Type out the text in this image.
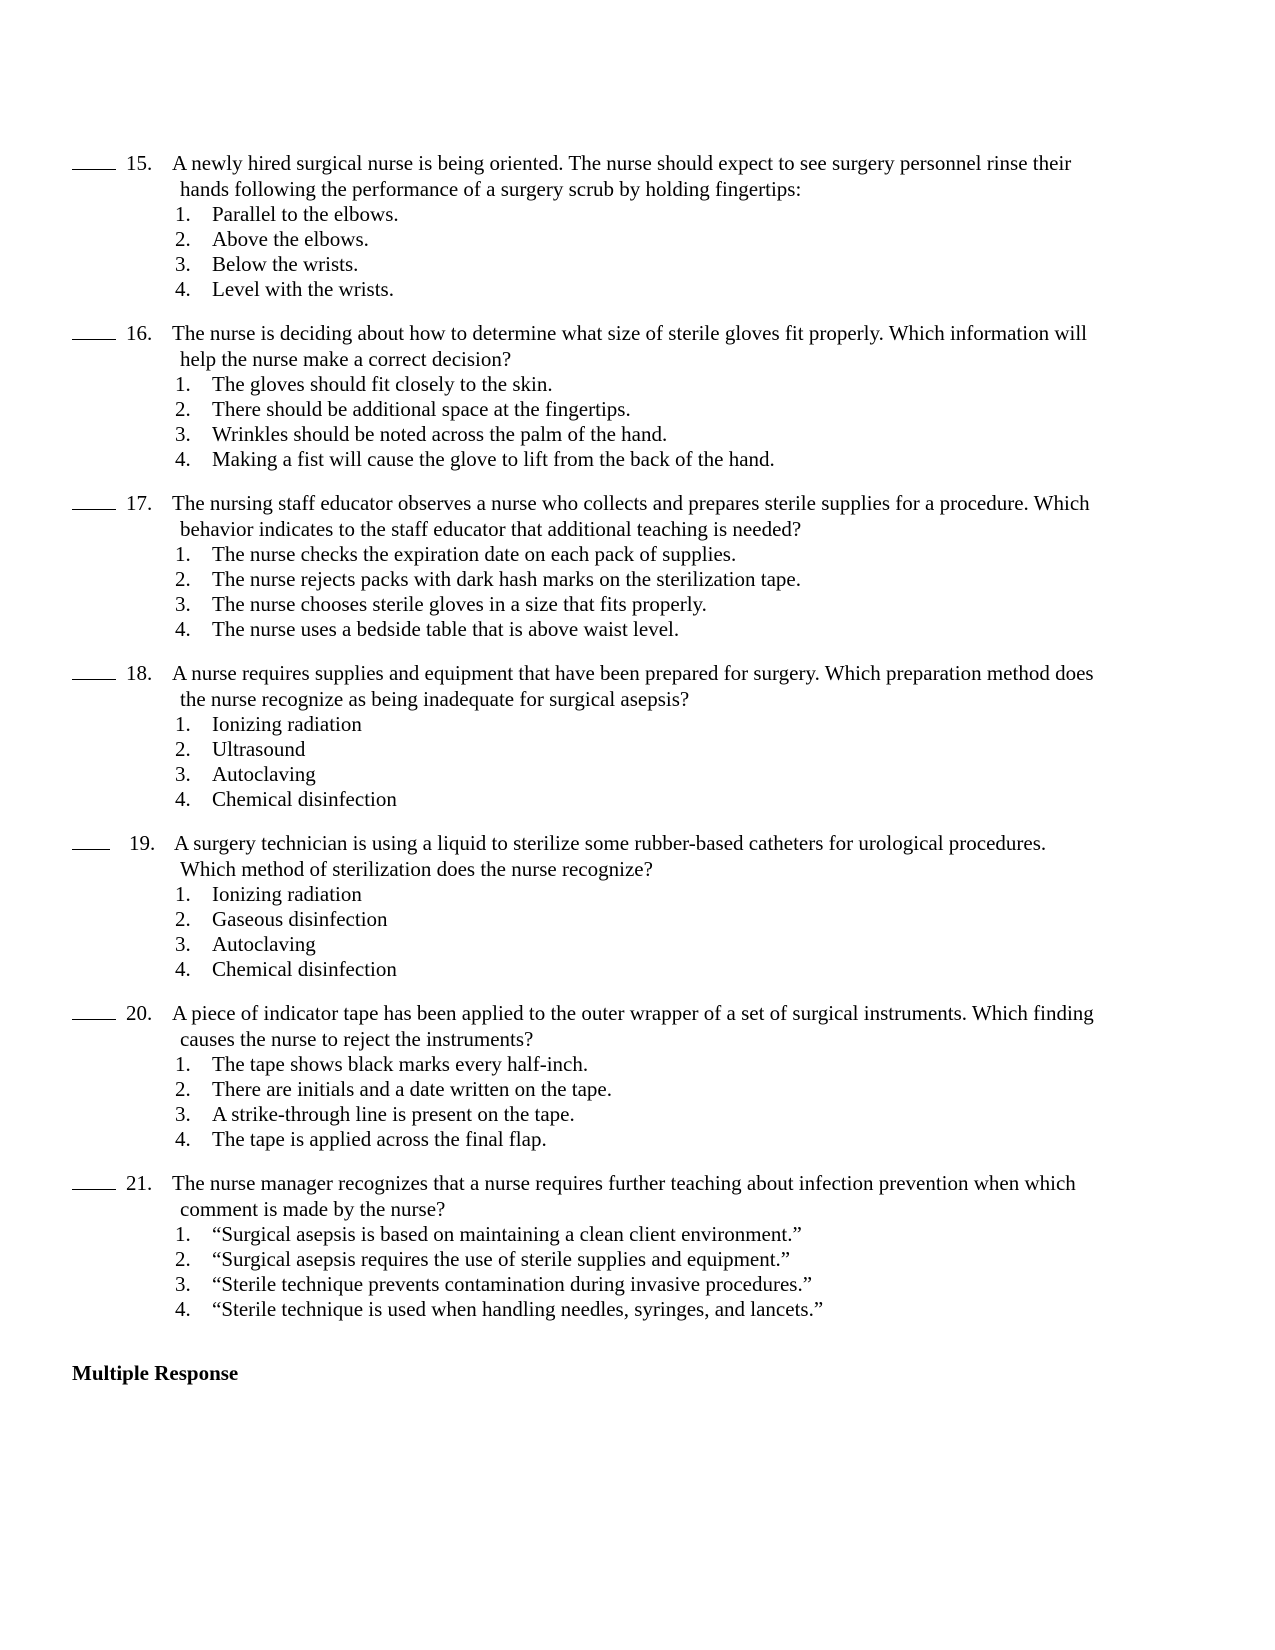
15. A newly hired surgical nurse is being oriented. The nurse should expect to see surgery personnel rinse their
hands following the performance of a surgery scrub by holding fingertips:
1. Parallel to the elbows.
2. Above the elbows.
3. Below the wrists.
4. Level with the wrists.
16. The nurse is deciding about how to determine what size of sterile gloves fit properly. Which information will
help the nurse make a correct decision?
1. The gloves should fit closely to the skin.
2. There should be additional space at the fingertips.
3. Wrinkles should be noted across the palm of the hand.
4. Making a fist will cause the glove to lift from the back of the hand.
17. The nursing staff educator observes a nurse who collects and prepares sterile supplies for a procedure. Which
behavior indicates to the staff educator that additional teaching is needed?
1. The nurse checks the expiration date on each pack of supplies.
2. The nurse rejects packs with dark hash marks on the sterilization tape.
3. The nurse chooses sterile gloves in a size that fits properly.
4. The nurse uses a bedside table that is above waist level.
18. A nurse requires supplies and equipment that have been prepared for surgery. Which preparation method does
the nurse recognize as being inadequate for surgical asepsis?
1. Ionizing radiation
2. Ultrasound
3. Autoclaving
4. Chemical disinfection
19. A surgery technician is using a liquid to sterilize some rubber-based catheters for urological procedures.
Which method of sterilization does the nurse recognize?
1. Ionizing radiation
2. Gaseous disinfection
3. Autoclaving
4. Chemical disinfection
20. A piece of indicator tape has been applied to the outer wrapper of a set of surgical instruments. Which finding
causes the nurse to reject the instruments?
1. The tape shows black marks every half-inch.
2. There are initials and a date written on the tape.
3. A strike-through line is present on the tape.
4. The tape is applied across the final flap.
21. The nurse manager recognizes that a nurse requires further teaching about infection prevention when which
comment is made by the nurse?
1. “Surgical asepsis is based on maintaining a clean client environment.”
2. “Surgical asepsis requires the use of sterile supplies and equipment.”
3. “Sterile technique prevents contamination during invasive procedures.”
4. “Sterile technique is used when handling needles, syringes, and lancets.”
Multiple Response
